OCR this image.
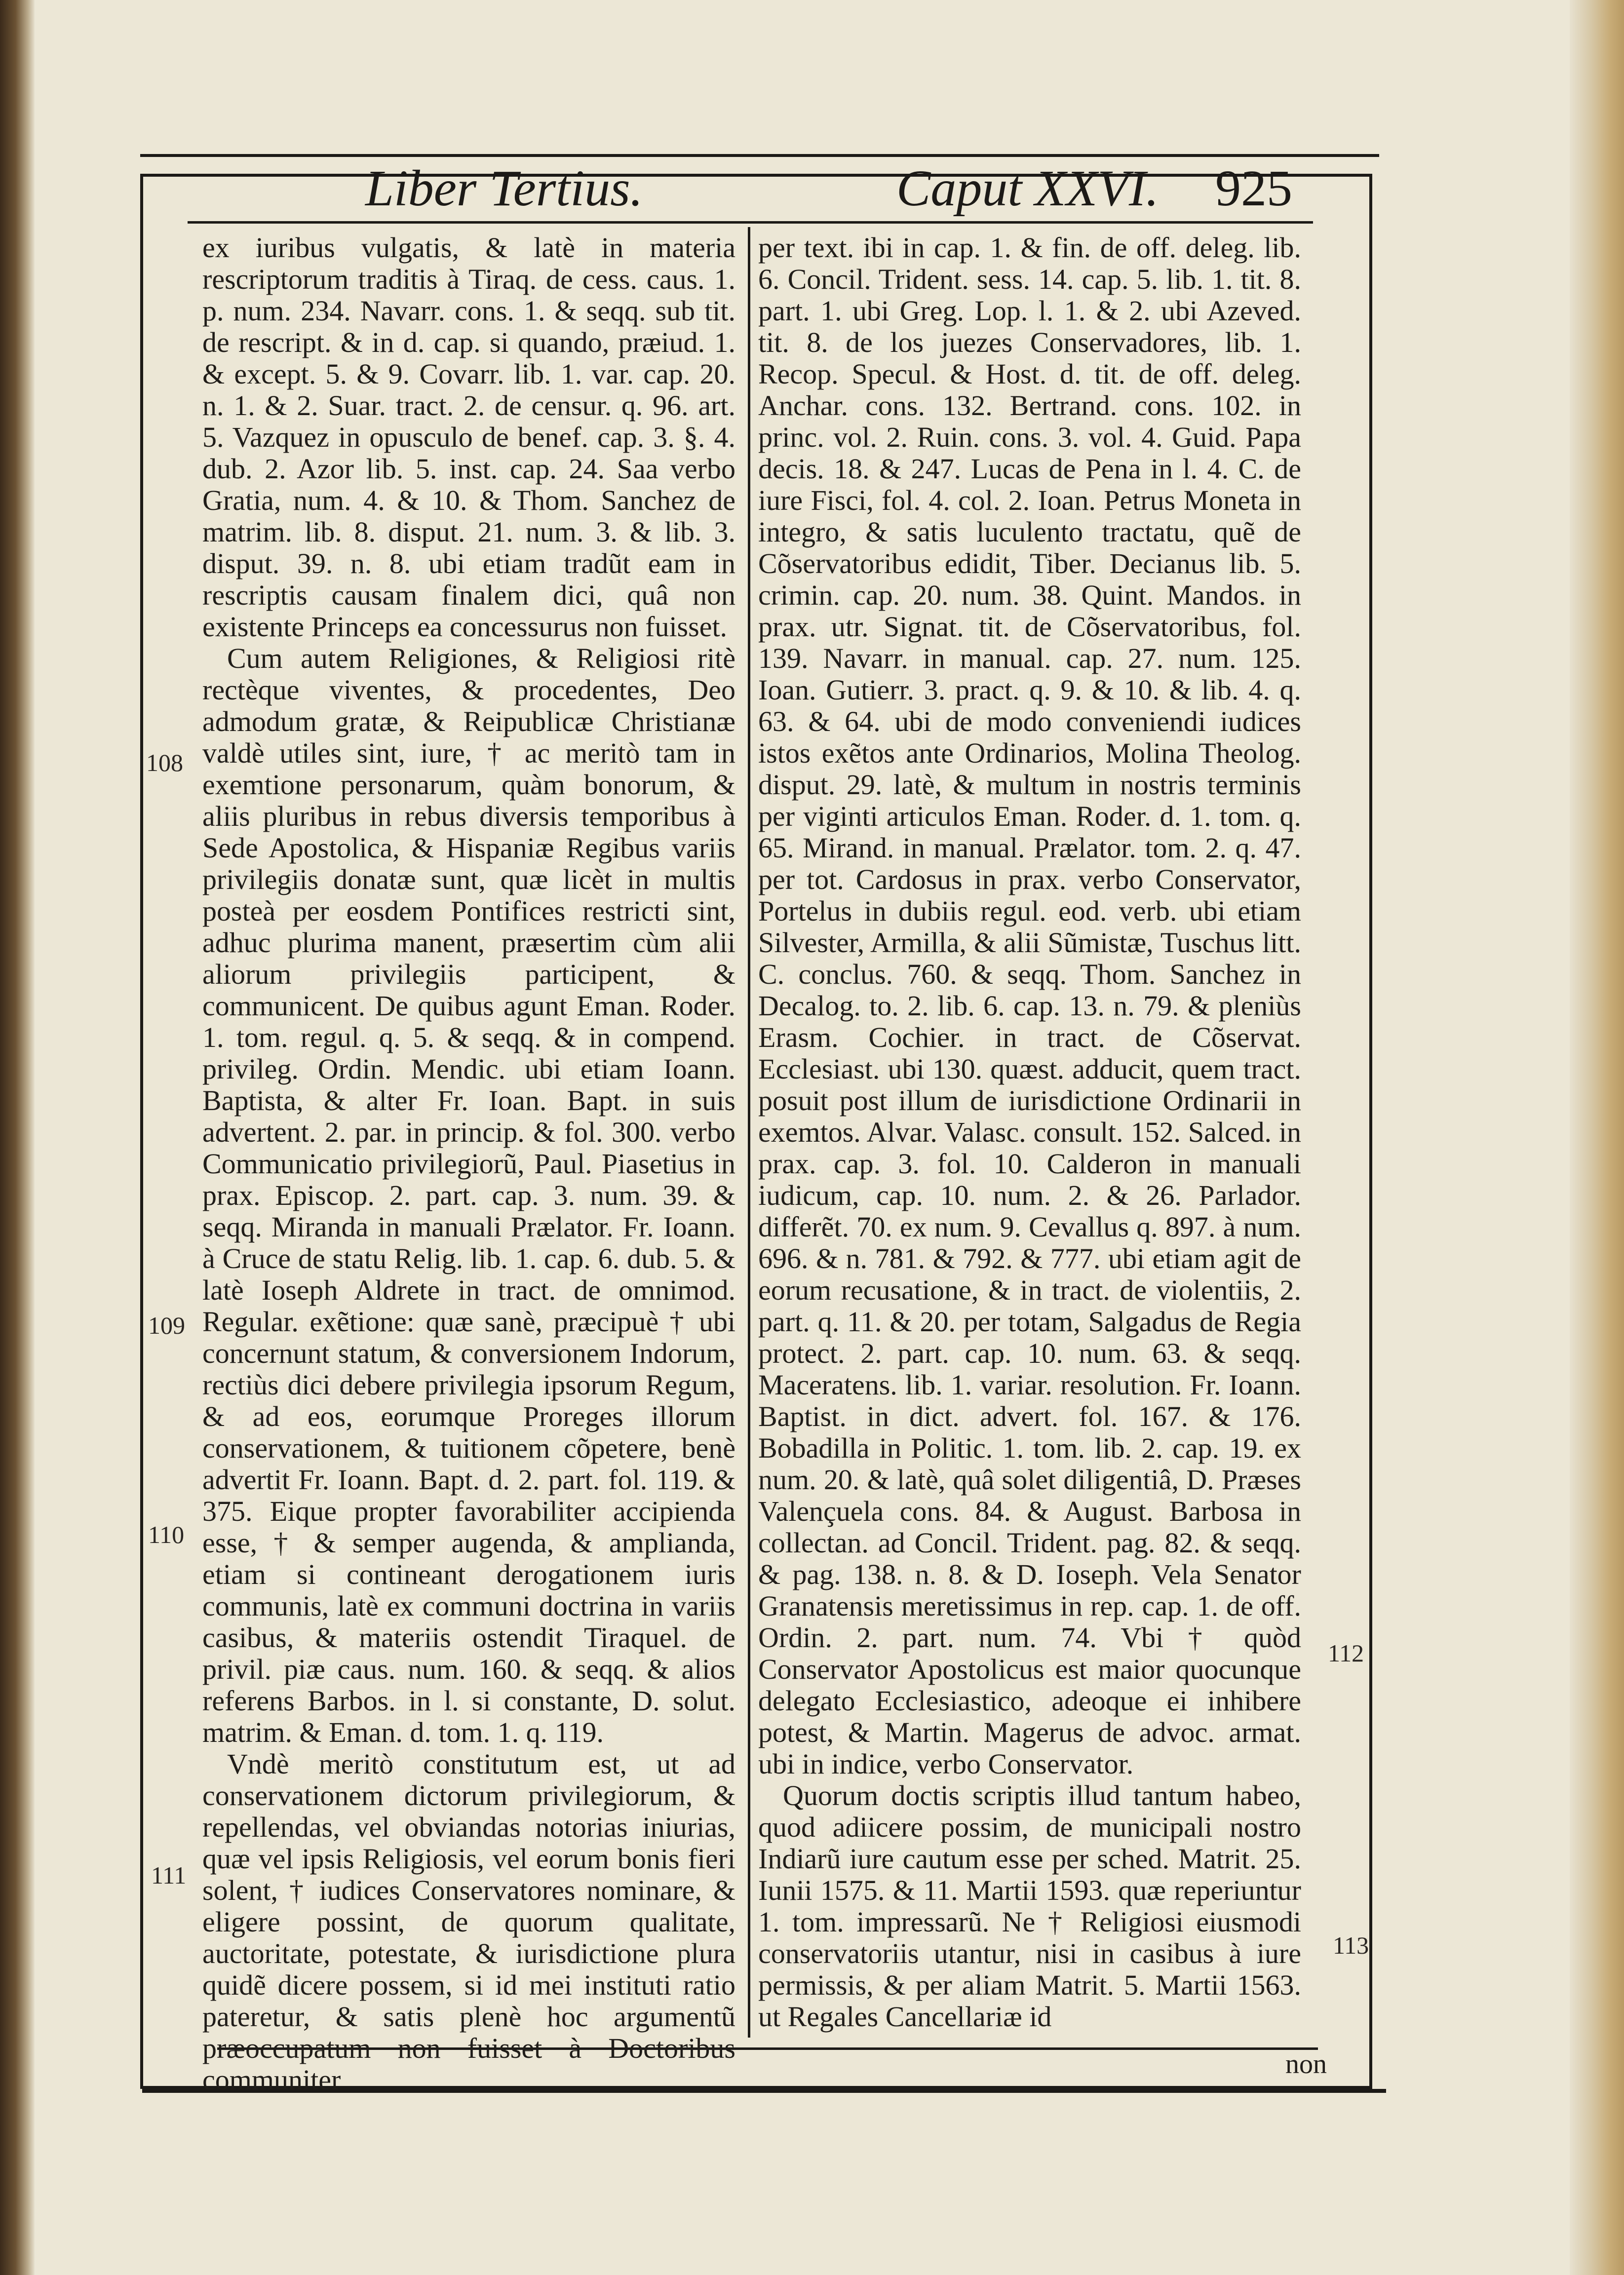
Liber Tertius.	Caput XXVI. 925

ex iuribus vulgatis, & latè in materia rescriptorum traditis à Tiraq. de cess. caus. 1. p. num. 234. Navarr. cons. 1. & seqq. sub tit. de rescript. & in d. cap. si quando, præiud. 1. & except. 5. & 9. Covarr. lib. 1. var. cap. 20. n. 1. & 2. Suar. tract. 2. de censur. q. 96. art. 5. Vazquez in opusculo de benef. cap. 3. §. 4. dub. 2. Azor lib. 5. inst. cap. 24. Saa verbo Gratia, num. 4. & 10. & Thom. Sanchez de matrim. lib. 8. disput. 21. num. 3. & lib. 3. disput. 39. n. 8. ubi etiam tradũt eam in rescriptis causam finalem dici, quâ non existente Princeps ea concessurus non fuisset.

Cum autem Religiones, & Religiosi ritè rectèque viventes, & procedentes, Deo admodum gratæ, & Reipublicæ Christianæ valdè utiles sint, iure, † ac meritò tam in exemtione personarum, quàm bonorum, & aliis pluribus in rebus diversis temporibus à Sede Apostolica, & Hispaniæ Regibus variis privilegiis donatæ sunt, quæ licèt in multis posteà per eosdem Pontifices restricti sint, adhuc plurima manent, præsertim cùm alii aliorum privilegiis participent, & communicent. De quibus agunt Eman. Roder. 1. tom. regul. q. 5. & seqq. & in compend. privileg. Ordin. Mendic. ubi etiam Ioann. Baptista, & alter Fr. Ioan. Bapt. in suis advertent. 2. par. in princip. & fol. 300. verbo Communicatio privilegiorũ, Paul. Piasetius in prax. Episcop. 2. part. cap. 3. num. 39. & seqq. Miranda in manuali Prælator. Fr. Ioann. à Cruce de statu Relig. lib. 1. cap. 6. dub. 5. & latè Ioseph Aldrete in tract. de omnimod. Regular. exẽtione: quæ sanè, præcipuè † ubi concernunt statum, & conversionem Indorum, rectiùs dici debere privilegia ipsorum Regum, & ad eos, eorumque Proreges illorum conservationem, & tuitionem cõpetere, benè advertit Fr. Ioann. Bapt. d. 2. part. fol. 119. & 375. Eique propter favorabiliter accipienda esse, † & semper augenda, & amplianda, etiam si contineant derogationem iuris communis, latè ex communi doctrina in variis casibus, & materiis ostendit Tiraquel. de privil. piæ caus. num. 160. & seqq. & alios referens Barbos. in l. si constante, D. solut. matrim. & Eman. d. tom. 1. q. 119.

Vndè meritò constitutum est, ut ad conservationem dictorum privilegiorum, & repellendas, vel obviandas notorias iniurias, quæ vel ipsis Religiosis, vel eorum bonis fieri solent, † iudices Conservatores nominare, & eligere possint, de quorum qualitate, auctoritate, potestate, & iurisdictione plura quidẽ dicere possem, si id mei instituti ratio pateretur, & satis plenè hoc argumentũ præoccupatum non fuisset à Doctoribus communiter

per text. ibi in cap. 1. & fin. de off. deleg. lib. 6. Concil. Trident. sess. 14. cap. 5. lib. 1. tit. 8. part. 1. ubi Greg. Lop. l. 1. & 2. ubi Azeved. tit. 8. de los juezes Conservadores, lib. 1. Recop. Specul. & Host. d. tit. de off. deleg. Anchar. cons. 132. Bertrand. cons. 102. in princ. vol. 2. Ruin. cons. 3. vol. 4. Guid. Papa decis. 18. & 247. Lucas de Pena in l. 4. C. de iure Fisci, fol. 4. col. 2. Ioan. Petrus Moneta in integro, & satis luculento tractatu, quẽ de Cõservatoribus edidit, Tiber. Decianus lib. 5. crimin. cap. 20. num. 38. Quint. Mandos. in prax. utr. Signat. tit. de Cõservatoribus, fol. 139. Navarr. in manual. cap. 27. num. 125. Ioan. Gutierr. 3. pract. q. 9. & 10. & lib. 4. q. 63. & 64. ubi de modo conveniendi iudices istos exẽtos ante Ordinarios, Molina Theolog. disput. 29. latè, & multum in nostris terminis per viginti articulos Eman. Roder. d. 1. tom. q. 65. Mirand. in manual. Prælator. tom. 2. q. 47. per tot. Cardosus in prax. verbo Conservator, Portelus in dubiis regul. eod. verb. ubi etiam Silvester, Armilla, & alii Sũmistæ, Tuschus litt. C. conclus. 760. & seqq. Thom. Sanchez in Decalog. to. 2. lib. 6. cap. 13. n. 79. & pleniùs Erasm. Cochier. in tract. de Cõservat. Ecclesiast. ubi 130. quæst. adducit, quem tract. posuit post illum de iurisdictione Ordinarii in exemtos. Alvar. Valasc. consult. 152. Salced. in prax. cap. 3. fol. 10. Calderon in manuali iudicum, cap. 10. num. 2. & 26. Parlador. differẽt. 70. ex num. 9. Cevallus q. 897. à num. 696. & n. 781. & 792. & 777. ubi etiam agit de eorum recusatione, & in tract. de violentiis, 2. part. q. 11. & 20. per totam, Salgadus de Regia protect. 2. part. cap. 10. num. 63. & seqq. Maceratens. lib. 1. variar. resolution. Fr. Ioann. Baptist. in dict. advert. fol. 167. & 176. Bobadilla in Politic. 1. tom. lib. 2. cap. 19. ex num. 20. & latè, quâ solet diligentiâ, D. Præses Valençuela cons. 84. & August. Barbosa in collectan. ad Concil. Trident. pag. 82. & seqq. & pag. 138. n. 8. & D. Ioseph. Vela Senator Granatensis meretissimus in rep. cap. 1. de off. Ordin. 2. part. num. 74. Vbi † quòd Conservator Apostolicus est maior quocunque delegato Ecclesiastico, adeoque ei inhibere potest, & Martin. Magerus de advoc. armat. ubi in indice, verbo Conservator.

Quorum doctis scriptis illud tantum habeo, quod adiicere possim, de municipali nostro Indiarũ iure cautum esse per sched. Matrit. 25. Iunii 1575. & 11. Martii 1593. quæ reperiuntur 1. tom. impressarũ. Ne † Religiosi eiusmodi conservatoriis utantur, nisi in casibus à iure permissis, & per aliam Matrit. 5. Martii 1563. ut Regales Cancellariæ id

108
109
110
111
112
113
non
